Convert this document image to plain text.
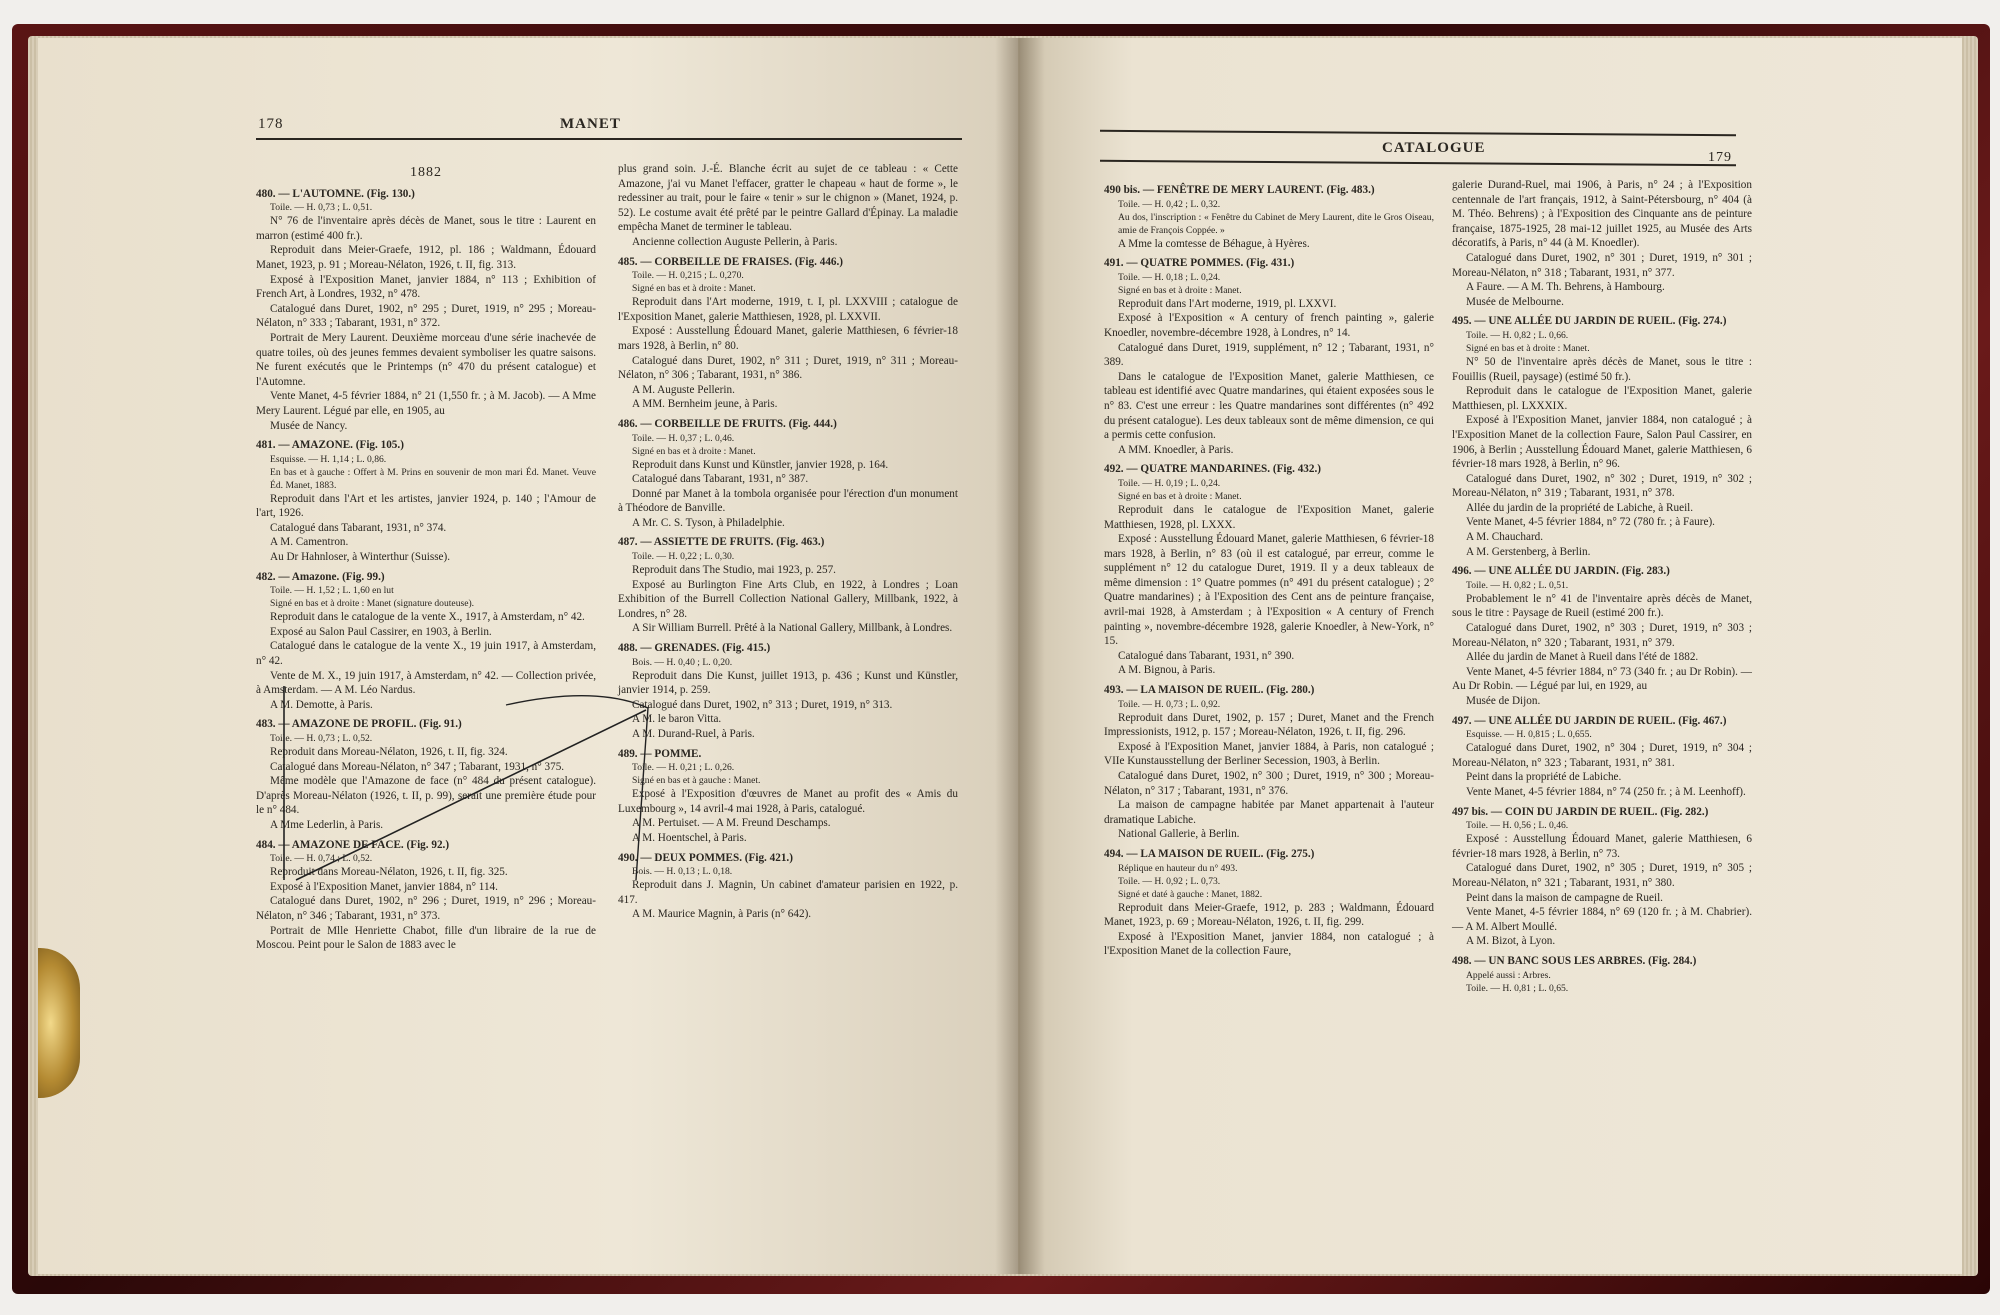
178	MANET

1882

480. — L'AUTOMNE. (Fig. 130.)

Toile. — H. 0,73 ; L. 0,51.

N° 76 de l'inventaire après décès de Manet, sous le titre : Laurent en marron (estimé 400 fr.).

Reproduit dans Meier-Graefe, 1912, pl. 186 ; Waldmann, Édouard Manet, 1923, p. 91 ; Moreau-Nélaton, 1926, t. II, fig. 313.

Exposé à l'Exposition Manet, janvier 1884, n° 113 ; Exhibition of French Art, à Londres, 1932, n° 478.

Catalogué dans Duret, 1902, n° 295 ; Duret, 1919, n° 295 ; Moreau-Nélaton, n° 333 ; Tabarant, 1931, n° 372.

Portrait de Mery Laurent. Deuxième morceau d'une série inachevée de quatre toiles, où des jeunes femmes devaient symboliser les quatre saisons. Ne furent exécutés que le Printemps (n° 470 du présent catalogue) et l'Automne.

Vente Manet, 4-5 février 1884, n° 21 (1,550 fr. ; à M. Jacob). — A Mme Mery Laurent. Légué par elle, en 1905, au

Musée de Nancy.

481. — AMAZONE. (Fig. 105.)

Esquisse. — H. 1,14 ; L. 0,86.

En bas et à gauche : Offert à M. Prins en souvenir de mon mari Éd. Manet. Veuve Éd. Manet, 1883.

Reproduit dans l'Art et les artistes, janvier 1924, p. 140 ; l'Amour de l'art, 1926.

Catalogué dans Tabarant, 1931, n° 374.

A M. Camentron.

Au Dr Hahnloser, à Winterthur (Suisse).

482. — Amazone. (Fig. 99.)

Toile. — H. 1,52 ; L. 1,60 en lut

Signé en bas et à droite : Manet (signature douteuse).

Reproduit dans le catalogue de la vente X., 1917, à Amsterdam, n° 42.

Exposé au Salon Paul Cassirer, en 1903, à Berlin.

Catalogué dans le catalogue de la vente X., 19 juin 1917, à Amsterdam, n° 42.

Vente de M. X., 19 juin 1917, à Amsterdam, n° 42. — Collection privée, à Amsterdam. — A M. Léo Nardus.

A M. Demotte, à Paris.

483. — AMAZONE DE PROFIL. (Fig. 91.)

Toile. — H. 0,73 ; L. 0,52.

Reproduit dans Moreau-Nélaton, 1926, t. II, fig. 324.

Catalogué dans Moreau-Nélaton, n° 347 ; Tabarant, 1931, n° 375.

Même modèle que l'Amazone de face (n° 484 du présent catalogue). D'après Moreau-Nélaton (1926, t. II, p. 99), serait une première étude pour le n° 484.

A Mme Lederlin, à Paris.

484. — AMAZONE DE FACE. (Fig. 92.)

Toile. — H. 0,74 ; L. 0,52.

Reproduit dans Moreau-Nélaton, 1926, t. II, fig. 325.

Exposé à l'Exposition Manet, janvier 1884, n° 114.

Catalogué dans Duret, 1902, n° 296 ; Duret, 1919, n° 296 ; Moreau-Nélaton, n° 346 ; Tabarant, 1931, n° 373.

Portrait de Mlle Henriette Chabot, fille d'un libraire de la rue de Moscou. Peint pour le Salon de 1883 avec le

plus grand soin. J.-É. Blanche écrit au sujet de ce tableau : « Cette Amazone, j'ai vu Manet l'effacer, gratter le chapeau « haut de forme », le redessiner au trait, pour le faire « tenir » sur le chignon » (Manet, 1924, p. 52). Le costume avait été prêté par le peintre Gallard d'Épinay. La maladie empêcha Manet de terminer le tableau.

Ancienne collection Auguste Pellerin, à Paris.

485. — CORBEILLE DE FRAISES. (Fig. 446.)

Toile. — H. 0,215 ; L. 0,270.

Signé en bas et à droite : Manet.

Reproduit dans l'Art moderne, 1919, t. I, pl. LXXVIII ; catalogue de l'Exposition Manet, galerie Matthiesen, 1928, pl. LXXVII.

Exposé : Ausstellung Édouard Manet, galerie Matthiesen, 6 février-18 mars 1928, à Berlin, n° 80.

Catalogué dans Duret, 1902, n° 311 ; Duret, 1919, n° 311 ; Moreau-Nélaton, n° 306 ; Tabarant, 1931, n° 386.

A M. Auguste Pellerin.

A MM. Bernheim jeune, à Paris.

486. — CORBEILLE DE FRUITS. (Fig. 444.)

Toile. — H. 0,37 ; L. 0,46.

Signé en bas et à droite : Manet.

Reproduit dans Kunst und Künstler, janvier 1928, p. 164.

Catalogué dans Tabarant, 1931, n° 387.

Donné par Manet à la tombola organisée pour l'érection d'un monument à Théodore de Banville.

A Mr. C. S. Tyson, à Philadelphie.

487. — ASSIETTE DE FRUITS. (Fig. 463.)

Toile. — H. 0,22 ; L. 0,30.

Reproduit dans The Studio, mai 1923, p. 257.

Exposé au Burlington Fine Arts Club, en 1922, à Londres ; Loan Exhibition of the Burrell Collection National Gallery, Millbank, 1922, à Londres, n° 28.

A Sir William Burrell. Prêté à la National Gallery, Millbank, à Londres.

488. — GRENADES. (Fig. 415.)

Bois. — H. 0,40 ; L. 0,20.

Reproduit dans Die Kunst, juillet 1913, p. 436 ; Kunst und Künstler, janvier 1914, p. 259.

Catalogué dans Duret, 1902, n° 313 ; Duret, 1919, n° 313.

A M. le baron Vitta.

A M. Durand-Ruel, à Paris.

489. — POMME.

Toile. — H. 0,21 ; L. 0,26.

Signé en bas et à gauche : Manet.

Exposé à l'Exposition d'œuvres de Manet au profit des « Amis du Luxembourg », 14 avril-4 mai 1928, à Paris, catalogué.

A M. Pertuiset. — A M. Freund Deschamps.

A M. Hoentschel, à Paris.

490. — DEUX POMMES. (Fig. 421.)

Bois. — H. 0,13 ; L. 0,18.

Reproduit dans J. Magnin, Un cabinet d'amateur parisien en 1922, p. 417.

A M. Maurice Magnin, à Paris (n° 642).

CATALOGUE
179

490 bis. — FENÊTRE DE MERY LAURENT. (Fig. 483.)

Toile. — H. 0,42 ; L. 0,32.

Au dos, l'inscription : « Fenêtre du Cabinet de Mery Laurent, dite le Gros Oiseau, amie de François Coppée. »

A Mme la comtesse de Béhague, à Hyères.

491. — QUATRE POMMES. (Fig. 431.)

Toile. — H. 0,18 ; L. 0,24.

Signé en bas et à droite : Manet.

Reproduit dans l'Art moderne, 1919, pl. LXXVI.

Exposé à l'Exposition « A century of french painting », galerie Knoedler, novembre-décembre 1928, à Londres, n° 14.

Catalogué dans Duret, 1919, supplément, n° 12 ; Tabarant, 1931, n° 389.

Dans le catalogue de l'Exposition Manet, galerie Matthiesen, ce tableau est identifié avec Quatre mandarines, qui étaient exposées sous le n° 83. C'est une erreur : les Quatre mandarines sont différentes (n° 492 du présent catalogue). Les deux tableaux sont de même dimension, ce qui a permis cette confusion.

A MM. Knoedler, à Paris.

492. — QUATRE MANDARINES. (Fig. 432.)

Toile. — H. 0,19 ; L. 0,24.

Signé en bas et à droite : Manet.

Reproduit dans le catalogue de l'Exposition Manet, galerie Matthiesen, 1928, pl. LXXX.

Exposé : Ausstellung Édouard Manet, galerie Matthiesen, 6 février-18 mars 1928, à Berlin, n° 83 (où il est catalogué, par erreur, comme le supplément n° 12 du catalogue Duret, 1919. Il y a deux tableaux de même dimension : 1° Quatre pommes (n° 491 du présent catalogue) ; 2° Quatre mandarines) ; à l'Exposition des Cent ans de peinture française, avril-mai 1928, à Amsterdam ; à l'Exposition « A century of French painting », novembre-décembre 1928, galerie Knoedler, à New-York, n° 15.

Catalogué dans Tabarant, 1931, n° 390.

A M. Bignou, à Paris.

493. — LA MAISON DE RUEIL. (Fig. 280.)

Toile. — H. 0,73 ; L. 0,92.

Reproduit dans Duret, 1902, p. 157 ; Duret, Manet and the French Impressionists, 1912, p. 157 ; Moreau-Nélaton, 1926, t. II, fig. 296.

Exposé à l'Exposition Manet, janvier 1884, à Paris, non catalogué ; VIIe Kunstausstellung der Berliner Secession, 1903, à Berlin.

Catalogué dans Duret, 1902, n° 300 ; Duret, 1919, n° 300 ; Moreau-Nélaton, n° 317 ; Tabarant, 1931, n° 376.

La maison de campagne habitée par Manet appartenait à l'auteur dramatique Labiche.

National Gallerie, à Berlin.

494. — LA MAISON DE RUEIL. (Fig. 275.)

Réplique en hauteur du n° 493.

Toile. — H. 0,92 ; L. 0,73.

Signé et daté à gauche : Manet, 1882.

Reproduit dans Meier-Graefe, 1912, p. 283 ; Waldmann, Édouard Manet, 1923, p. 69 ; Moreau-Nélaton, 1926, t. II, fig. 299.

Exposé à l'Exposition Manet, janvier 1884, non catalogué ; à l'Exposition Manet de la collection Faure,

galerie Durand-Ruel, mai 1906, à Paris, n° 24 ; à l'Exposition centennale de l'art français, 1912, à Saint-Pétersbourg, n° 404 (à M. Théo. Behrens) ; à l'Exposition des Cinquante ans de peinture française, 1875-1925, 28 mai-12 juillet 1925, au Musée des Arts décoratifs, à Paris, n° 44 (à M. Knoedler).

Catalogué dans Duret, 1902, n° 301 ; Duret, 1919, n° 301 ; Moreau-Nélaton, n° 318 ; Tabarant, 1931, n° 377.

A Faure. — A M. Th. Behrens, à Hambourg.

Musée de Melbourne.

495. — UNE ALLÉE DU JARDIN DE RUEIL. (Fig. 274.)

Toile. — H. 0,82 ; L. 0,66.

Signé en bas et à droite : Manet.

N° 50 de l'inventaire après décès de Manet, sous le titre : Fouillis (Rueil, paysage) (estimé 50 fr.).

Reproduit dans le catalogue de l'Exposition Manet, galerie Matthiesen, pl. LXXXIX.

Exposé à l'Exposition Manet, janvier 1884, non catalogué ; à l'Exposition Manet de la collection Faure, Salon Paul Cassirer, en 1906, à Berlin ; Ausstellung Édouard Manet, galerie Matthiesen, 6 février-18 mars 1928, à Berlin, n° 96.

Catalogué dans Duret, 1902, n° 302 ; Duret, 1919, n° 302 ; Moreau-Nélaton, n° 319 ; Tabarant, 1931, n° 378.

Allée du jardin de la propriété de Labiche, à Rueil.

Vente Manet, 4-5 février 1884, n° 72 (780 fr. ; à Faure).

A M. Chauchard.

A M. Gerstenberg, à Berlin.

496. — UNE ALLÉE DU JARDIN. (Fig. 283.)

Toile. — H. 0,82 ; L. 0,51.

Probablement le n° 41 de l'inventaire après décès de Manet, sous le titre : Paysage de Rueil (estimé 200 fr.).

Catalogué dans Duret, 1902, n° 303 ; Duret, 1919, n° 303 ; Moreau-Nélaton, n° 320 ; Tabarant, 1931, n° 379.

Allée du jardin de Manet à Rueil dans l'été de 1882.

Vente Manet, 4-5 février 1884, n° 73 (340 fr. ; au Dr Robin). — Au Dr Robin. — Légué par lui, en 1929, au

Musée de Dijon.

497. — UNE ALLÉE DU JARDIN DE RUEIL. (Fig. 467.)

Esquisse. — H. 0,815 ; L. 0,655.

Catalogué dans Duret, 1902, n° 304 ; Duret, 1919, n° 304 ; Moreau-Nélaton, n° 323 ; Tabarant, 1931, n° 381.

Peint dans la propriété de Labiche.

Vente Manet, 4-5 février 1884, n° 74 (250 fr. ; à M. Leenhoff).

497 bis. — COIN DU JARDIN DE RUEIL. (Fig. 282.)

Toile. — H. 0,56 ; L. 0,46.

Exposé : Ausstellung Édouard Manet, galerie Matthiesen, 6 février-18 mars 1928, à Berlin, n° 73.

Catalogué dans Duret, 1902, n° 305 ; Duret, 1919, n° 305 ; Moreau-Nélaton, n° 321 ; Tabarant, 1931, n° 380.

Peint dans la maison de campagne de Rueil.

Vente Manet, 4-5 février 1884, n° 69 (120 fr. ; à M. Chabrier). — A M. Albert Moullé.

A M. Bizot, à Lyon.

498. — UN BANC SOUS LES ARBRES. (Fig. 284.)

Appelé aussi : Arbres.

Toile. — H. 0,81 ; L. 0,65.
